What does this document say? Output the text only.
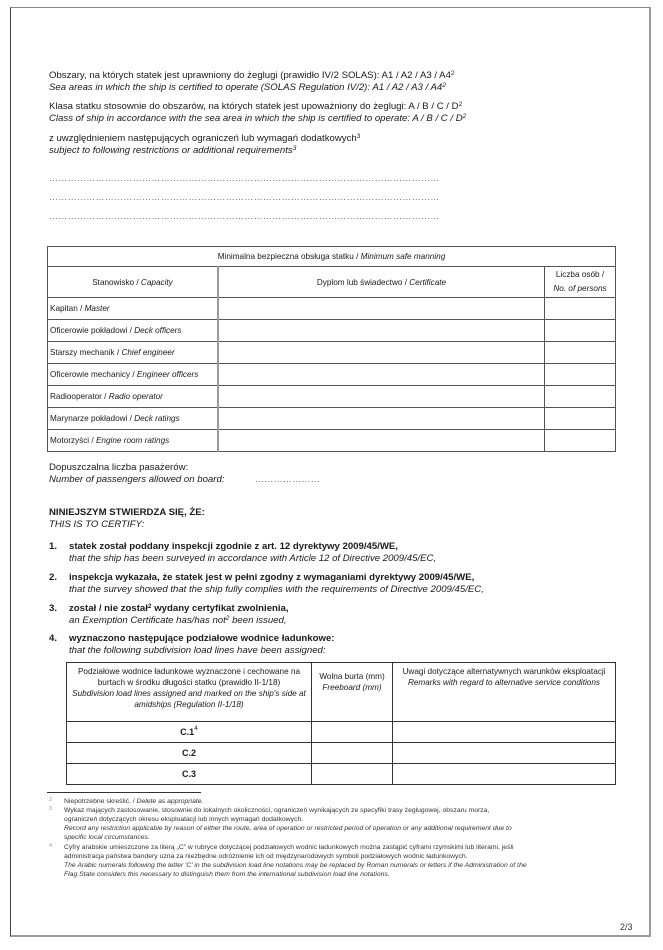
Obszary, na których statek jest uprawniony do żeglugi (prawidło IV/2 SOLAS): $A1 / A2 / A3 / A4^2$
Sea areas in which the ship is certified to operate (SOLAS Regulation IV/2): $A1 / A2 / A3 / A4^2$
Klasa statku stosownie do obszarów, na których statek jest upoważniony do żeglugi: A / B / C / $D^2$
Class of ship in accordance with the sea area in which the ship is certified to operate: A / B / C / $D^2$
z uwzględnieniem następujących ograniczeń lub wymagań dodatkowych$^3$
subject to following restrictions or additional requirements$^3$
………………………………………………………………………………………………………………
………………………………………………………………………………………………………………
………………………………………………………………………………………………………………
Minimalna bezpieczna obsługa statku / Minimum safe manning		
Stanowisko / Capacity	Dyplom lub świadectwo / Certificate	Liczba osób /
No. of persons
Kapitan / Master		
Oficerowie pokładowi / Deck officers		
Starszy mechanik / Chief engineer		
Oficerowie mechanicy / Engineer officers		
Radiooperator / Radio operator		
Marynarze pokładowi / Deck ratings		
Motorzyści / Engine room ratings		
Dopuszczalna liczba pasażerów:
Number of passengers allowed on board:	…………………
NINIEJSZYM STWIERDZA SIĘ, ŻE:
THIS IS TO CERTIFY:
1. statek został poddany inspekcji zgodnie z art. 12 dyrektywy 2009/45/WE,
that the ship has been surveyed in accordance with Article 12 of Directive 2009/45/EC,
2. inspekcja wykazała, że statek jest w pełni zgodny z wymaganiami dyrektywy 2009/45/WE,
that the survey showed that the ship fully complies with the requirements of Directive 2009/45/EC,
3. został / nie został$^2$ wydany certyfikat zwolnienia,
an Exemption Certificate has/has not$^2$ been issued,
4. wyznaczono następujące podziałowe wodnice ładunkowe:
that the following subdivision load lines have been assigned:
Podziałowe wodnice ładunkowe wyznaczone i cechowane na burtach w środku długości statku (prawidło II-1/18)
Subdivision load lines assigned and marked on the ship's side at amidships (Regulation II-1/18)	Wolna burta (mm)
Freeboard (mm)	Uwagi dotyczące alternatywnych warunków eksploatacji
Remarks with regard to alternative service conditions
$C.1^4$		
C.2		
C.3		
2 Niepotrzebne skreślić. / Delete as appropriate.
3 Wykaz mających zastosowanie, stosownie do lokalnych okoliczności, ograniczeń wynikających ze specyfiki trasy żeglugowej, obszaru morza,
ograniczeń dotyczących okresu eksploatacji lub innych wymagań dodatkowych.
Record any restriction applicable by reason of either the route, area of operation or restricted period of operation or any additional requirement due to
specific local circumstances.
4 Cyfry arabskie umieszczone za literą „C” w rubryce dotyczącej podziałowych wodnic ładunkowych można zastąpić cyframi rzymskimi lub literami, jeśli
administracja państwa bandery uzna za niezbędne odróżnienie ich od międzynarodowych symboli podziałowych wodnic ładunkowych.
The Arabic numerals following the letter 'C' in the subdivision load line notations may be replaced by Roman numerals or letters if the Administration of the
Flag State considers this necessary to distinguish them from the international subdivision load line notations.
2/3
